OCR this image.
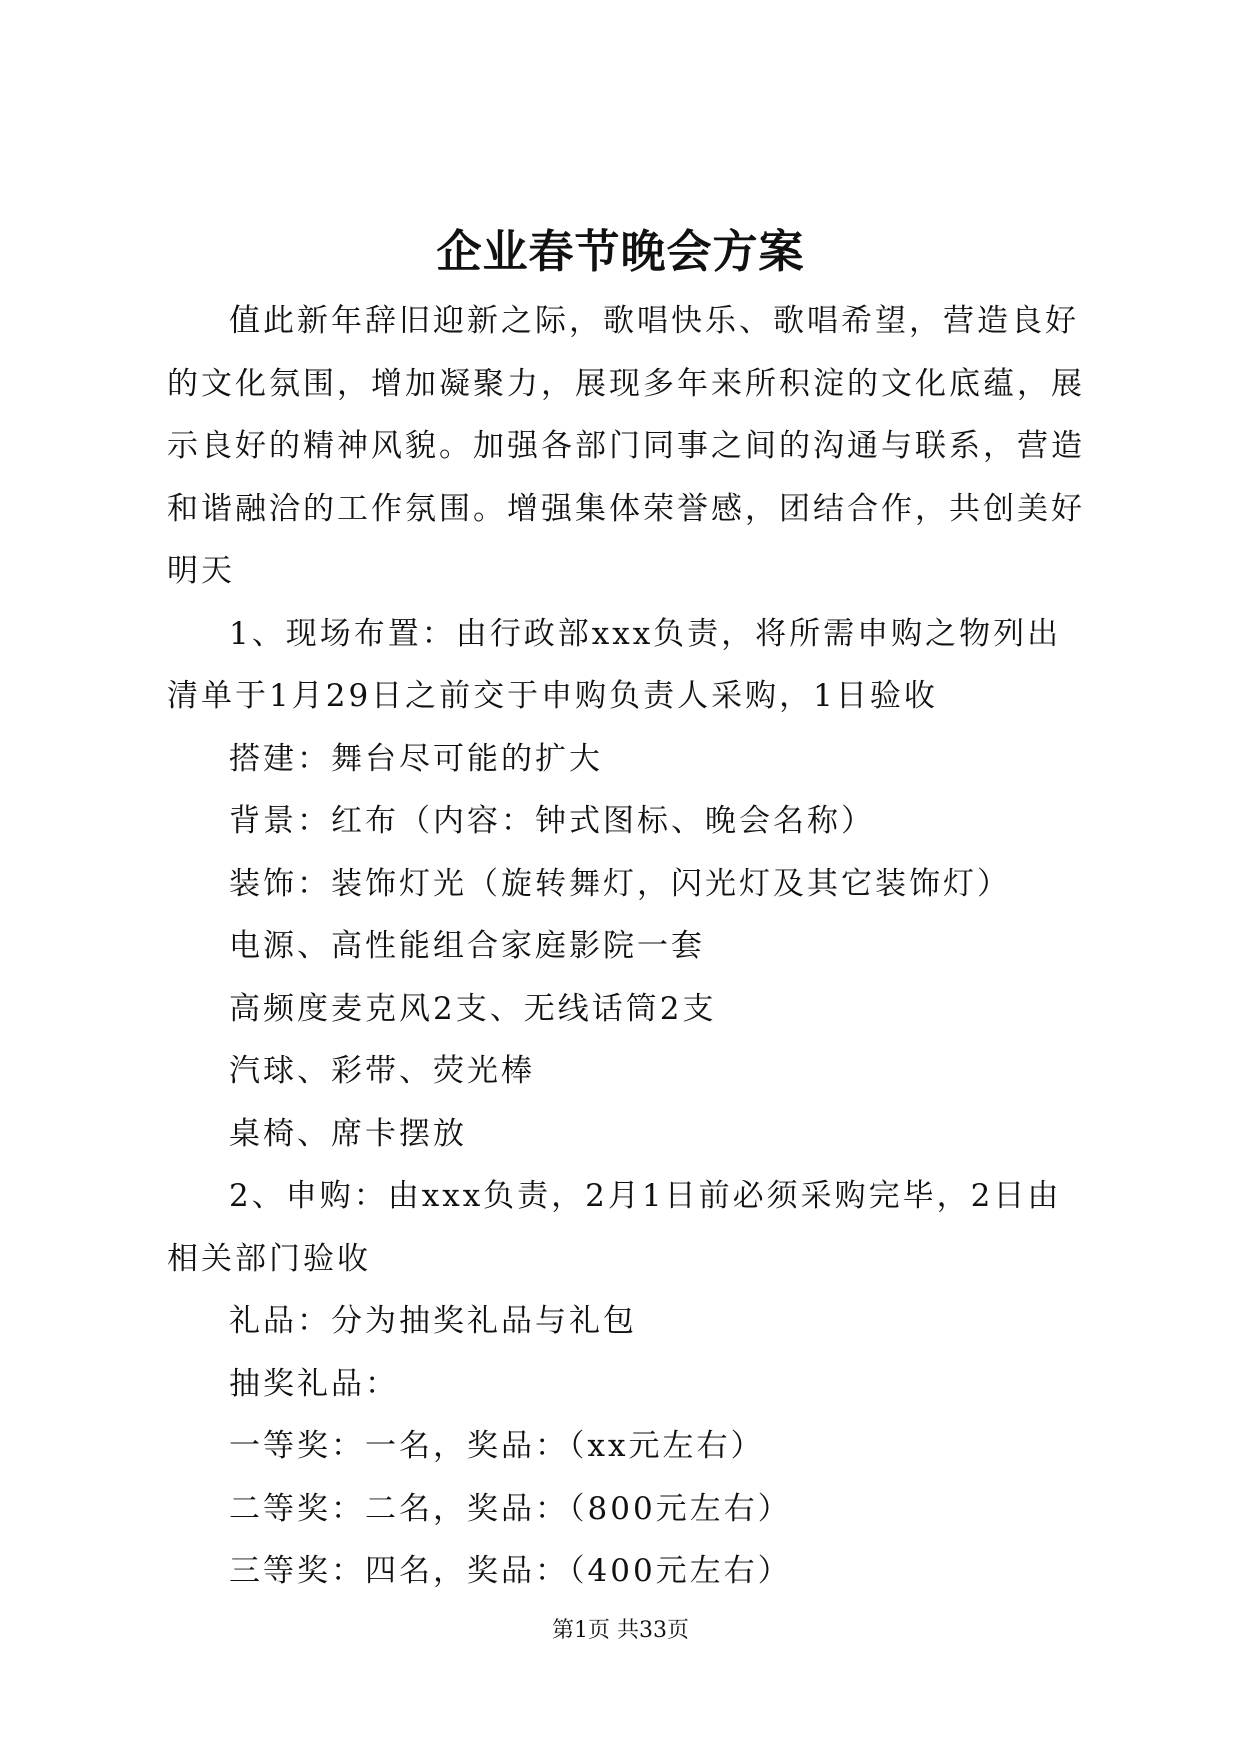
企业春节晚会方案

值此新年辞旧迎新之际，歌唱快乐、歌唱希望，营造良好的文化氛围，增加凝聚力，展现多年来所积淀的文化底蕴，展示良好的精神风貌。加强各部门同事之间的沟通与联系，营造和谐融洽的工作氛围。增强集体荣誉感，团结合作，共创美好明天

1、现场布置：由行政部xxx负责，将所需申购之物列出清单于1月29日之前交于申购负责人采购，1日验收

搭建：舞台尽可能的扩大

背景：红布（内容：钟式图标、晚会名称）

装饰：装饰灯光（旋转舞灯，闪光灯及其它装饰灯）

电源、高性能组合家庭影院一套

高频度麦克风2支、无线话筒2支

汽球、彩带、荧光棒

桌椅、席卡摆放

2、申购：由xxx负责，2月1日前必须采购完毕，2日由相关部门验收

礼品：分为抽奖礼品与礼包

抽奖礼品：

一等奖：一名，奖品：（xx元左右）

二等奖：二名，奖品：（800元左右）

三等奖：四名，奖品：（400元左右）

第1页 共33页
